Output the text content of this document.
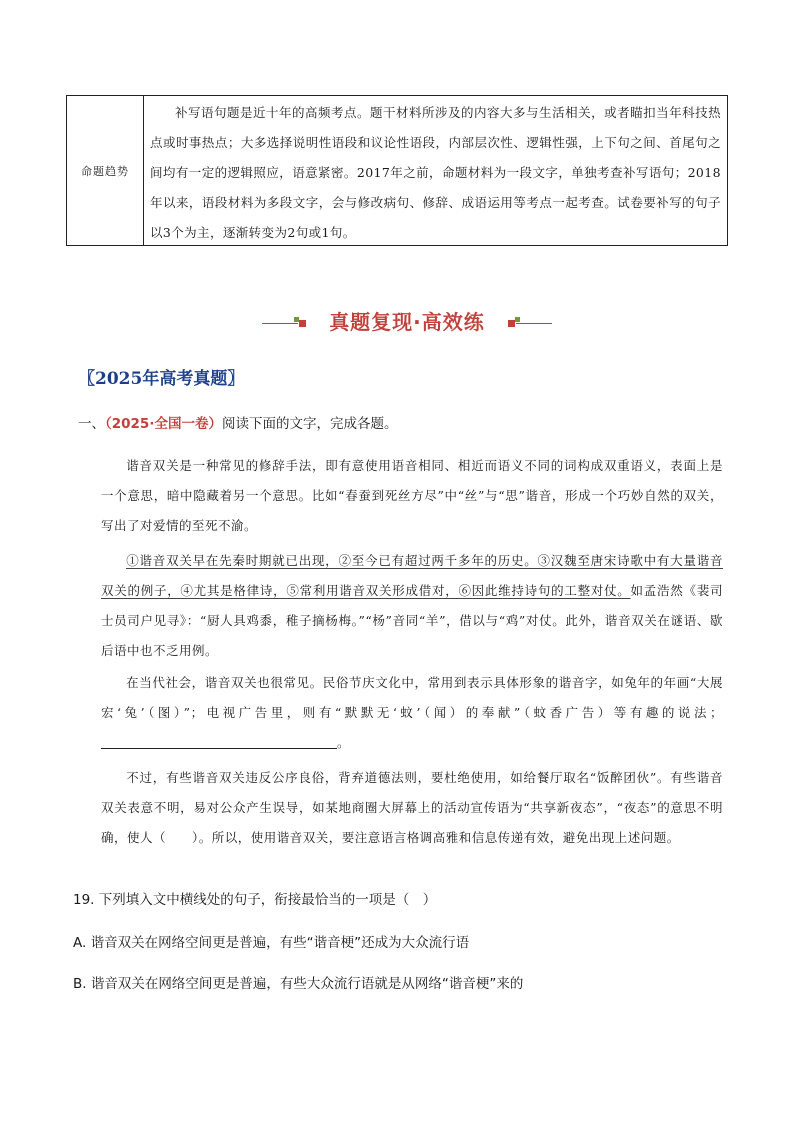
命题趋势
补写语句题是近十年的高频考点。题干材料所涉及的内容大多与生活相关，或者瞄扣当年科技热点或时事热点；大多选择说明性语段和议论性语段，内部层次性、逻辑性强，上下句之间、首尾句之间均有一定的逻辑照应，语意紧密。2017年之前，命题材料为一段文字，单独考查补写语句；2018年以来，语段材料为多段文字，会与修改病句、修辞、成语运用等考点一起考查。试卷要补写的句子以3个为主，逐渐转变为2句或1句。
真题复现·高效练
〖2025年高考真题〗
一、（2025·全国一卷）阅读下面的文字，完成各题。
谐音双关是一种常见的修辞手法，即有意使用语音相同、相近而语义不同的词构成双重语义，表面上是一个意思，暗中隐藏着另一个意思。比如“春蚕到死丝方尽”中“丝”与“思”谐音，形成一个巧妙自然的双关，写出了对爱情的至死不渝。
①谐音双关早在先秦时期就已出现，②至今已有超过两千多年的历史。③汉魏至唐宋诗歌中有大量谐音双关的例子，④尤其是格律诗，⑤常利用谐音双关形成借对，⑥因此维持诗句的工整对仗。如孟浩然《裴司士员司户见寻》：“厨人具鸡黍，稚子摘杨梅。”“杨”音同“羊”，借以与“鸡”对仗。此外，谐音双关在谜语、歇后语中也不乏用例。
在当代社会，谐音双关也很常见。民俗节庆文化中，常用到表示具体形象的谐音字，如兔年的年画“大展宏‘兔’（图）”；电视广告里，则有“默默无‘蚊’（闻）的奉献”（蚊香广告）等有趣的说法；。
不过，有些谐音双关违反公序良俗，背弃道德法则，要杜绝使用，如给餐厅取名“饭醉团伙”。有些谐音双关表意不明，易对公众产生误导，如某地商圈大屏幕上的活动宣传语为“共享新夜态”，“夜态”的意思不明确，使人（　　）。所以，使用谐音双关，要注意语言格调高雅和信息传递有效，避免出现上述问题。
19. 下列填入文中横线处的句子，衔接最恰当的一项是（　）
A. 谐音双关在网络空间更是普遍，有些“谐音梗”还成为大众流行语
B. 谐音双关在网络空间更是普遍，有些大众流行语就是从网络“谐音梗”来的
